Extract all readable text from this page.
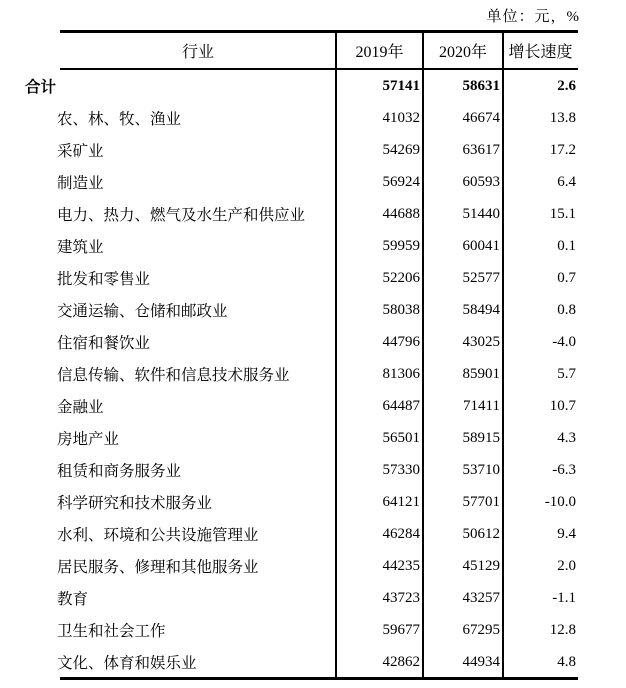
单位：元，%
行业	2019年	2020年	增长速度
合计	57141	58631	2.6
农、林、牧、渔业	41032	46674	13.8
采矿业	54269	63617	17.2
制造业	56924	60593	6.4
电力、热力、燃气及水生产和供应业	44688	51440	15.1
建筑业	59959	60041	0.1
批发和零售业	52206	52577	0.7
交通运输、仓储和邮政业	58038	58494	0.8
住宿和餐饮业	44796	43025	-4.0
信息传输、软件和信息技术服务业	81306	85901	5.7
金融业	64487	71411	10.7
房地产业	56501	58915	4.3
租赁和商务服务业	57330	53710	-6.3
科学研究和技术服务业	64121	57701	-10.0
水利、环境和公共设施管理业	46284	50612	9.4
居民服务、修理和其他服务业	44235	45129	2.0
教育	43723	43257	-1.1
卫生和社会工作	59677	67295	12.8
文化、体育和娱乐业	42862	44934	4.8
